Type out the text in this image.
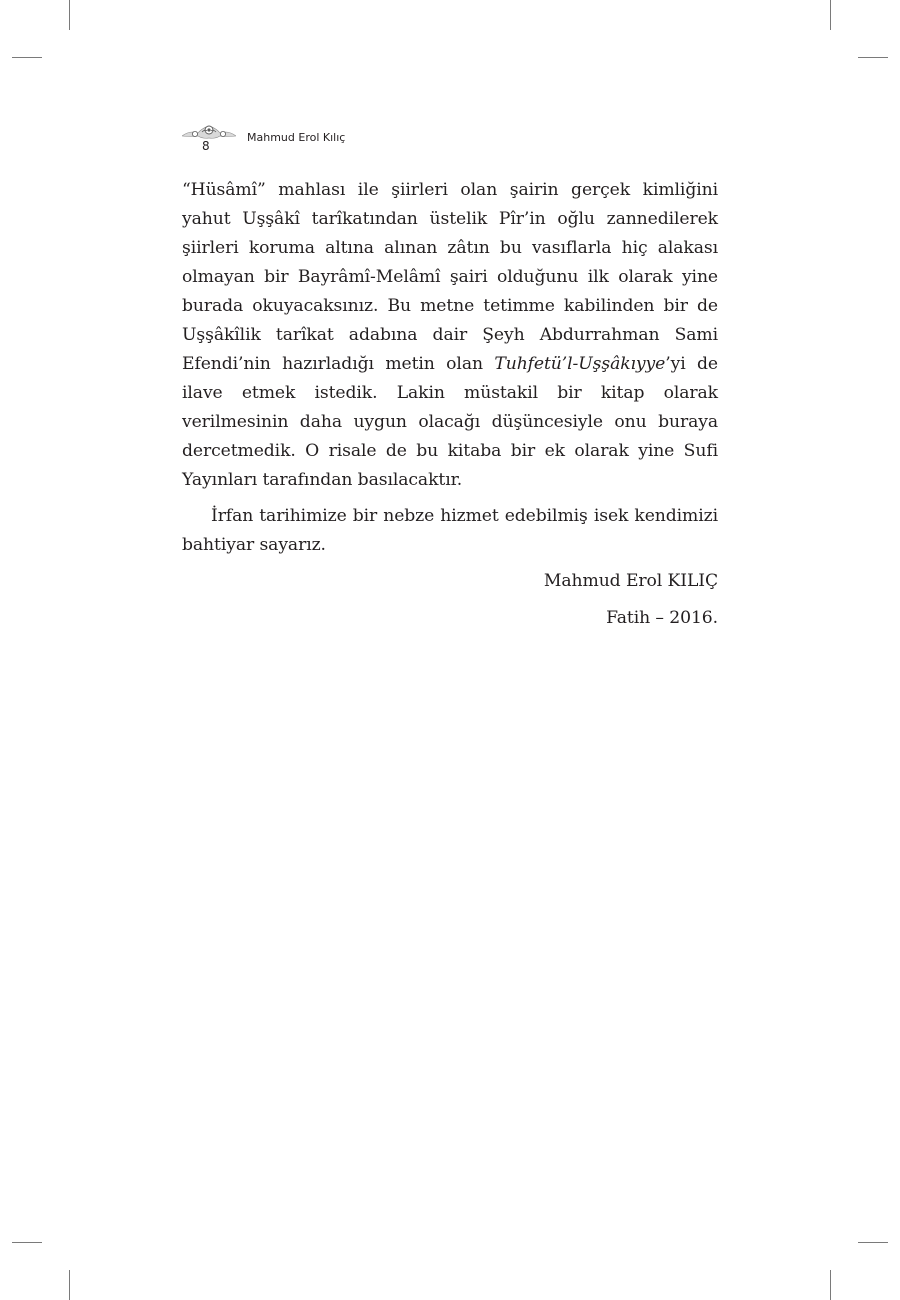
8
Mahmud Erol Kılıç

“Hüsâmî” mahlası ile şiirleri olan şairin gerçek kimliğini yahut Uşşâkî tarîkatından üstelik Pîr’in oğlu zannedilerek şiirleri koruma altına alınan zâtın bu vasıflarla hiç alakası olmayan bir Bayrâmî-Melâmî şairi olduğunu ilk olarak yine burada okuyacaksınız. Bu metne tetimme kabilinden bir de Uşşâkîlik tarîkat adabına dair Şeyh Abdurrahman Sami Efendi’nin hazırladığı metin olan Tuhfetü’l-Uşşâkıyye’yi de ilave etmek istedik. Lakin müstakil bir kitap olarak verilmesinin daha uygun olacağı düşüncesiyle onu buraya dercetmedik. O risale de bu kitaba bir ek olarak yine Sufi Yayınları tarafından basılacaktır.

İrfan tarihimize bir nebze hizmet edebilmiş isek kendimizi bahtiyar sayarız.

Mahmud Erol KILIÇ

Fatih – 2016.
